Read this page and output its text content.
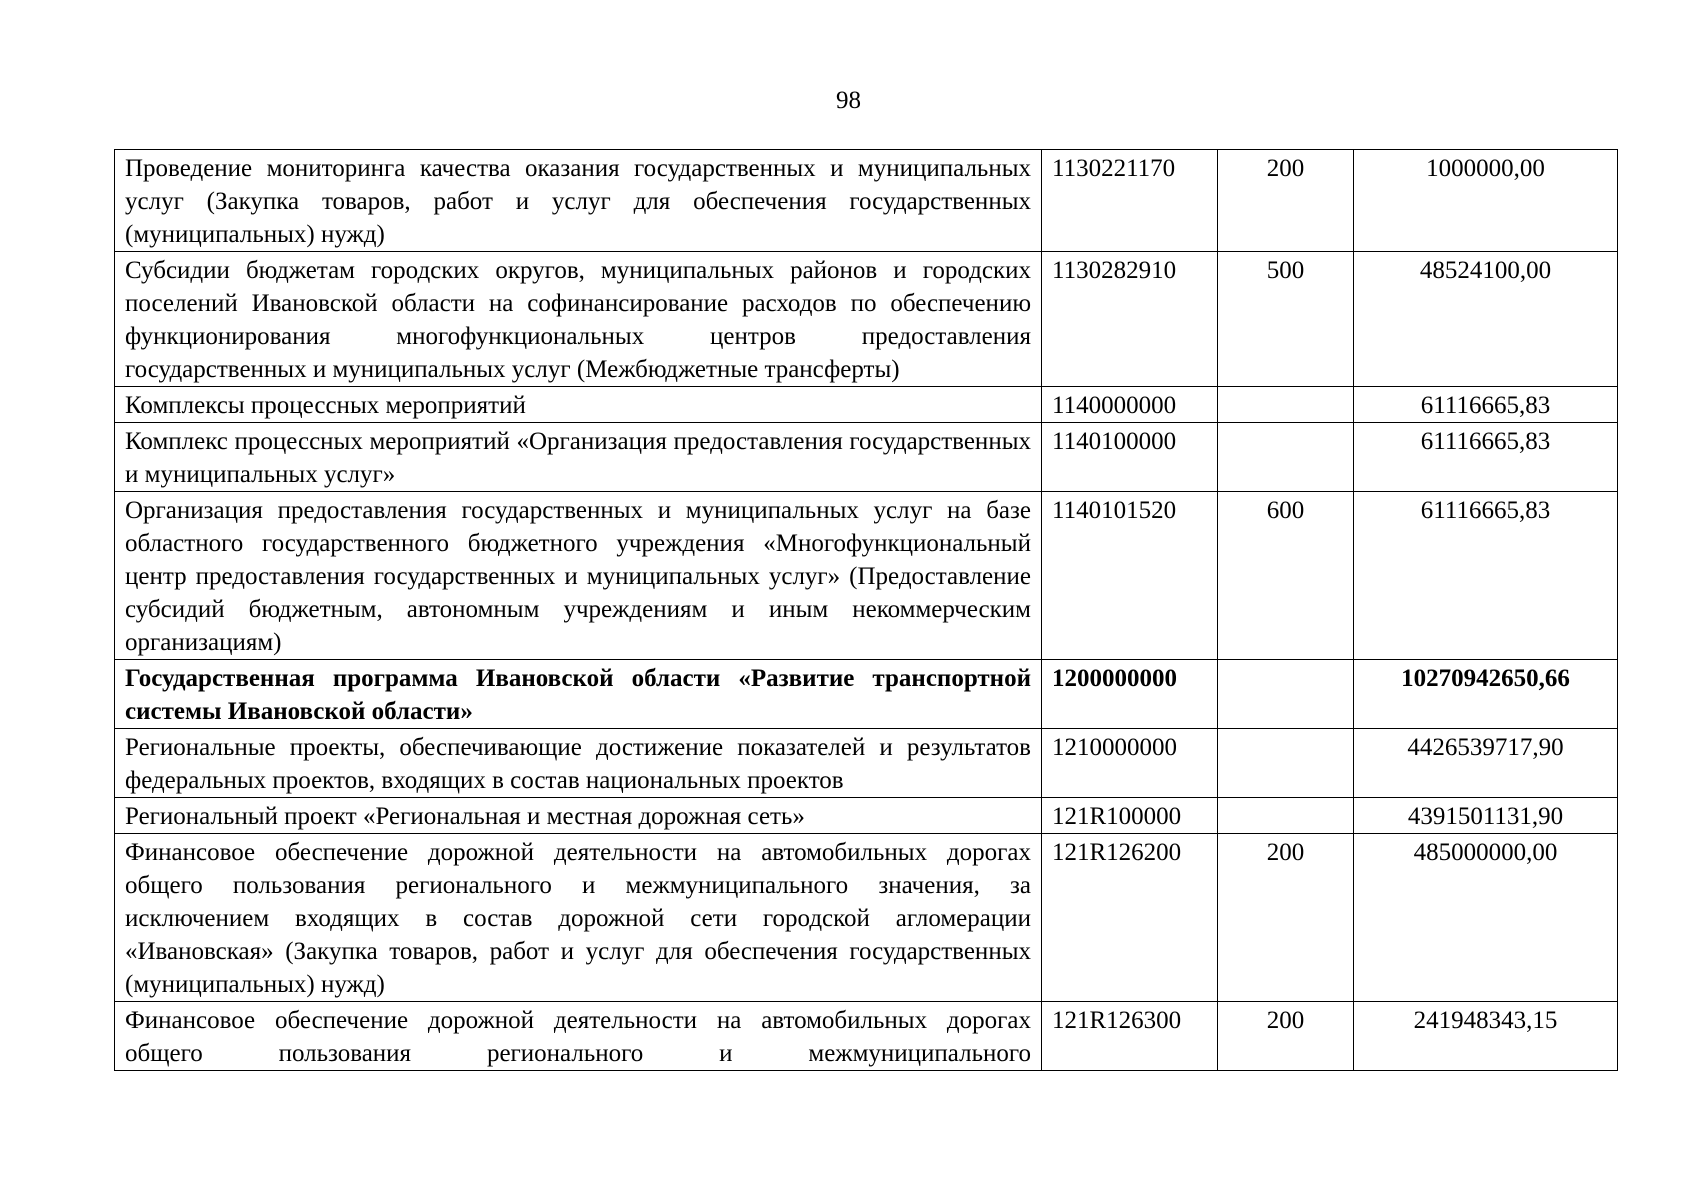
98
Проведение мониторинга качества оказания государственных и муниципальных услуг (Закупка товаров, работ и услуг для обеспечения государственных (муниципальных) нужд)	1130221170	200	1000000,00
Субсидии бюджетам городских округов, муниципальных районов и городских поселений Ивановской области на софинансирование расходов по обеспечению функционирования многофункциональных центров предоставления государственных и муниципальных услуг (Межбюджетные трансферты)	1130282910	500	48524100,00
Комплексы процессных мероприятий	1140000000		61116665,83
Комплекс процессных мероприятий «Организация предоставления государственных и муниципальных услуг»	1140100000		61116665,83
Организация предоставления государственных и муниципальных услуг на базе областного государственного бюджетного учреждения «Многофункциональный центр предоставления государственных и муниципальных услуг» (Предоставление субсидий бюджетным, автономным учреждениям и иным некоммерческим организациям)	1140101520	600	61116665,83
Государственная программа Ивановской области «Развитие транспортной системы Ивановской области»	1200000000		10270942650,66
Региональные проекты, обеспечивающие достижение показателей и результатов федеральных проектов, входящих в состав национальных проектов	1210000000		4426539717,90
Региональный проект «Региональная и местная дорожная сеть»	121R100000		4391501131,90
Финансовое обеспечение дорожной деятельности на автомобильных дорогах общего пользования регионального и межмуниципального значения, за исключением входящих в состав дорожной сети городской агломерации «Ивановская» (Закупка товаров, работ и услуг для обеспечения государственных (муниципальных) нужд)	121R126200	200	485000000,00
Финансовое обеспечение дорожной деятельности на автомобильных дорогах общего пользования регионального и межмуниципального	121R126300	200	241948343,15
